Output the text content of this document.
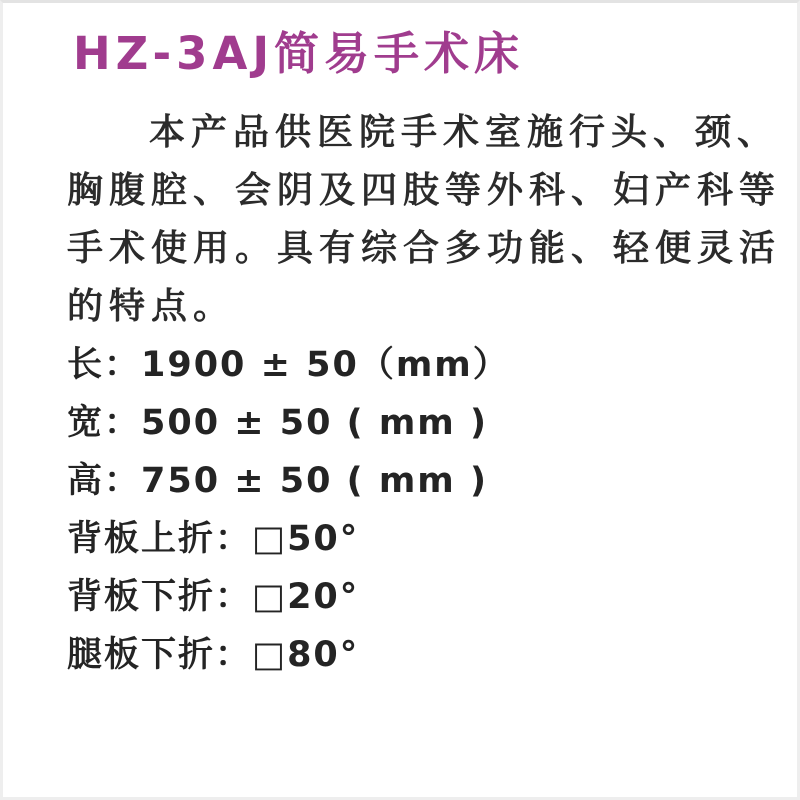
HZ-3AJ简易手术床

本产品供医院手术室施行头、颈、

胸腹腔、会阴及四肢等外科、妇产科等

手术使用。具有综合多功能、轻便灵活

的特点。

长：1900 ± 50（mm）

宽：500 ± 50 ( mm )

高：750 ± 50 ( mm )

背板上折：□50°

背板下折：□20°

腿板下折：□80°
